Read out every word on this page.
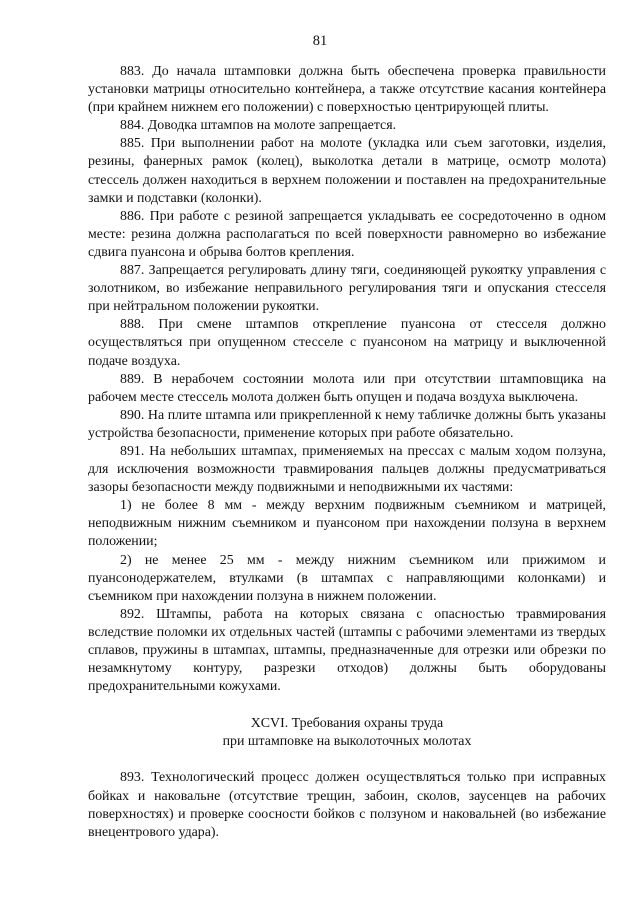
81

883. До начала штамповки должна быть обеспечена проверка правильности установки матрицы относительно контейнера, а также отсутствие касания контейнера (при крайнем нижнем его положении) с поверхностью центрирующей плиты.

884. Доводка штампов на молоте запрещается.

885. При выполнении работ на молоте (укладка или съем заготовки, изделия, резины, фанерных рамок (колец), выколотка детали в матрице, осмотр молота) стессель должен находиться в верхнем положении и поставлен на предохранительные замки и подставки (колонки).

886. При работе с резиной запрещается укладывать ее сосредоточенно в одном месте: резина должна располагаться по всей поверхности равномерно во избежание сдвига пуансона и обрыва болтов крепления.

887. Запрещается регулировать длину тяги, соединяющей рукоятку управления с золотником, во избежание неправильного регулирования тяги и опускания стесселя при нейтральном положении рукоятки.

888. При смене штампов открепление пуансона от стесселя должно осуществляться при опущенном стесселе с пуансоном на матрицу и выключенной подаче воздуха.

889. В нерабочем состоянии молота или при отсутствии штамповщика на рабочем месте стессель молота должен быть опущен и подача воздуха выключена.

890. На плите штампа или прикрепленной к нему табличке должны быть указаны устройства безопасности, применение которых при работе обязательно.

891. На небольших штампах, применяемых на прессах с малым ходом ползуна, для исключения возможности травмирования пальцев должны предусматриваться зазоры безопасности между подвижными и неподвижными их частями:

1) не более 8 мм - между верхним подвижным съемником и матрицей, неподвижным нижним съемником и пуансоном при нахождении ползуна в верхнем положении;

2) не менее 25 мм - между нижним съемником или прижимом и пуансонодержателем, втулками (в штампах с направляющими колонками) и съемником при нахождении ползуна в нижнем положении.

892. Штампы, работа на которых связана с опасностью травмирования вследствие поломки их отдельных частей (штампы с рабочими элементами из твердых сплавов, пружины в штампах, штампы, предназначенные для отрезки или обрезки по незамкнутому контуру, разрезки отходов) должны быть оборудованы предохранительными кожухами.

XCVI. Требования охраны труда
при штамповке на выколоточных молотах

893. Технологический процесс должен осуществляться только при исправных бойках и наковальне (отсутствие трещин, забоин, сколов, заусенцев на рабочих поверхностях) и проверке соосности бойков с ползуном и наковальней (во избежание внецентрового удара).
